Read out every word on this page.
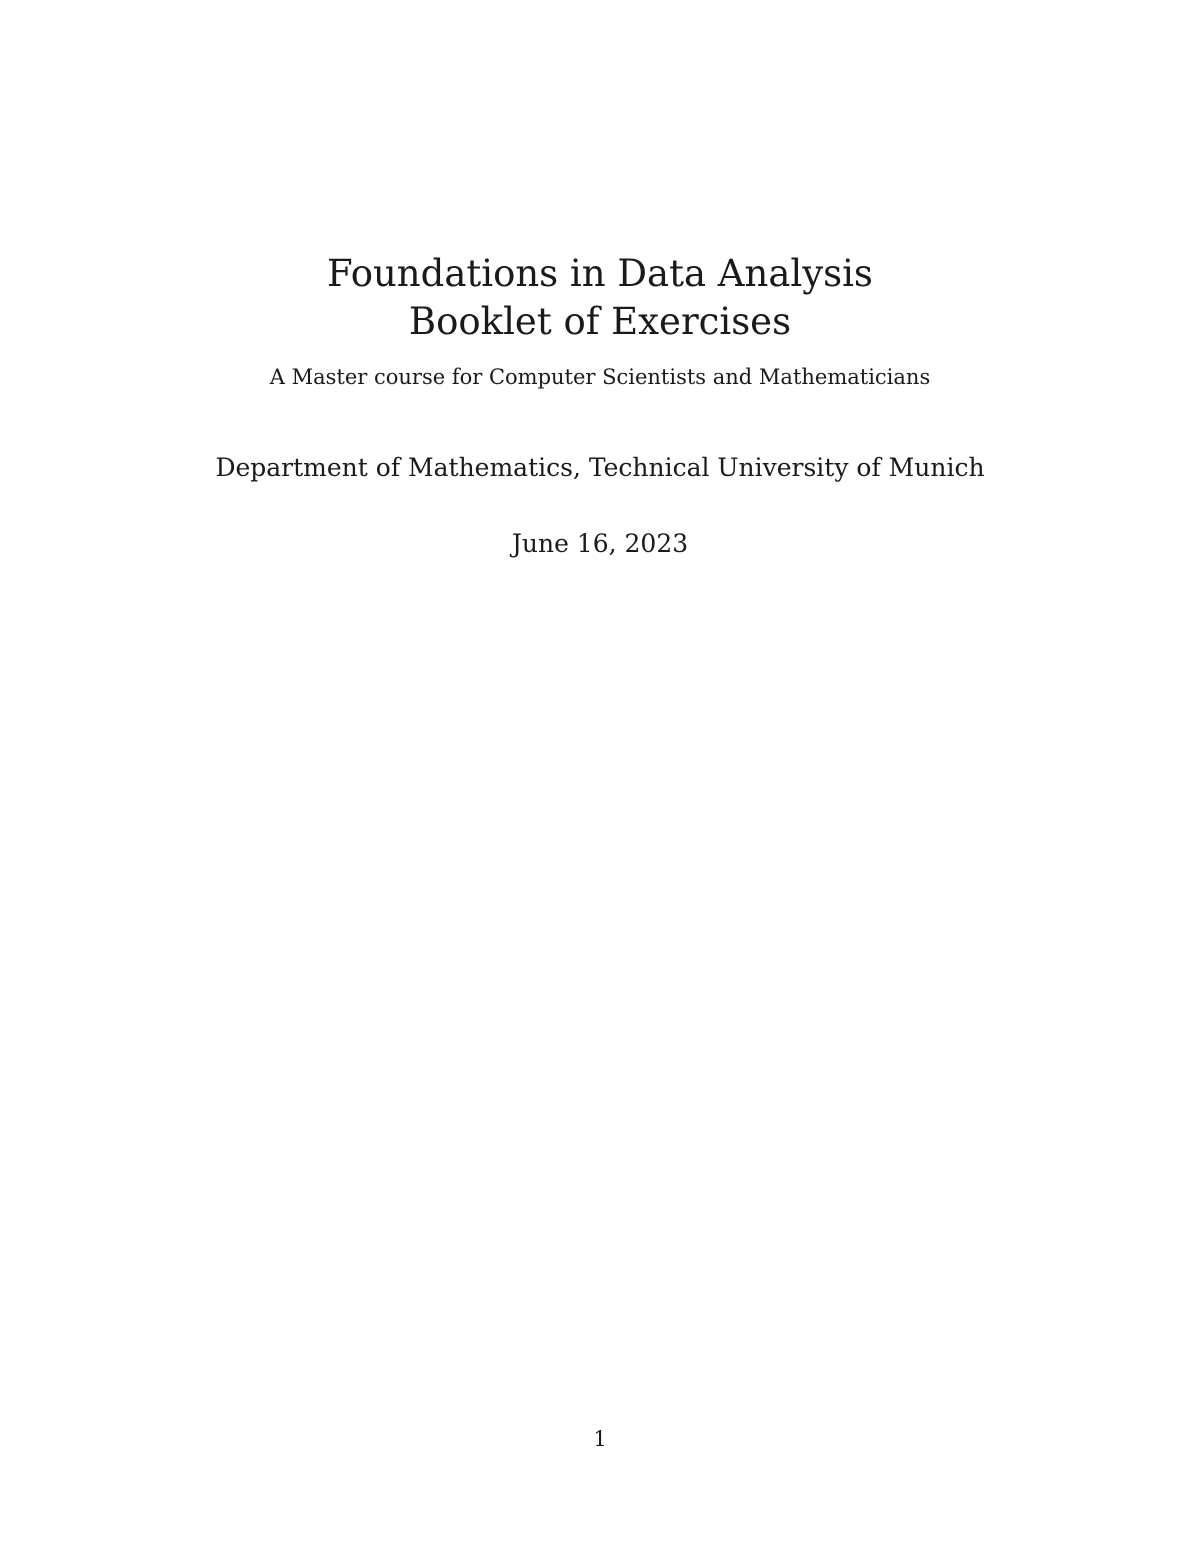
Foundations in Data Analysis
Booklet of Exercises
A Master course for Computer Scientists and Mathematicians
Department of Mathematics, Technical University of Munich
June 16, 2023
1
